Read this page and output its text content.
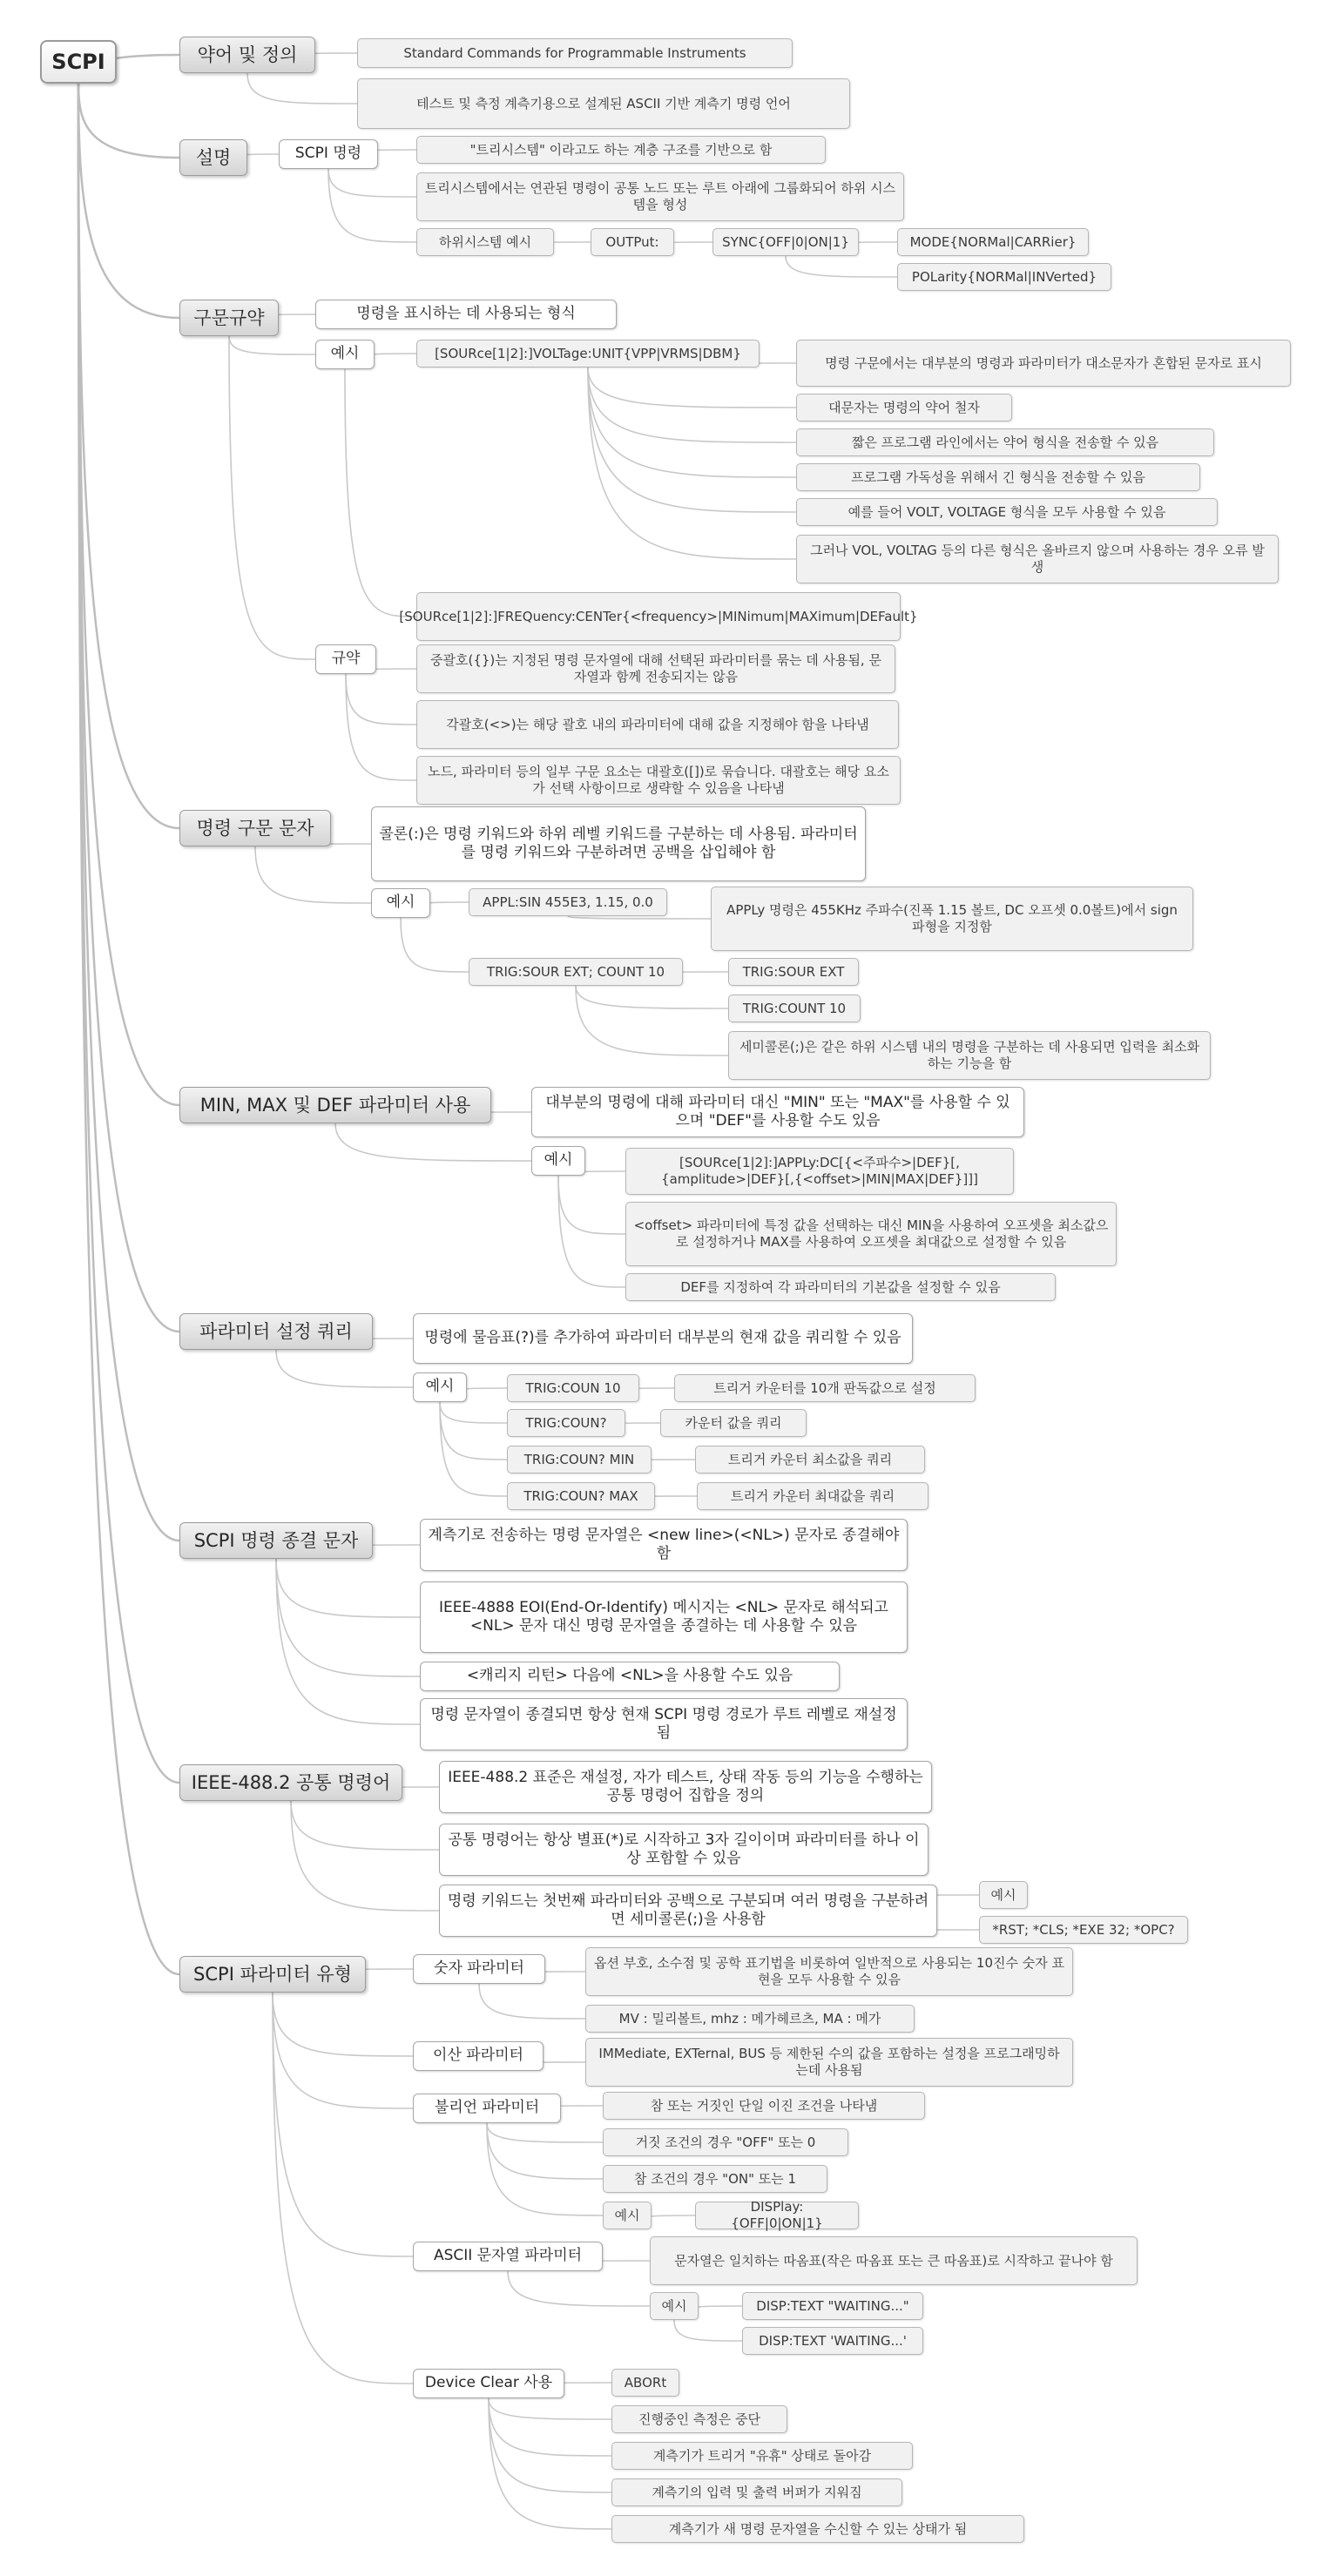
SCPI	약어 및 정의	Standard Commands for Programmable Instruments
테스트 및 측정 계측기용으로 설계된 ASCII 기반 계측기 명령 언어
설명	SCPI 명령	"트리시스템" 이라고도 하는 계층 구조를 기반으로 함
트리시스템에서는 연관된 명령이 공통 노드 또는 루트 아래에 그룹화되어 하위 시스템을 형성
하위시스템 예시	OUTPut:	SYNC{OFF|0|ON|1}	MODE{NORMal|CARRier}
POLarity{NORMal|INVerted}
구문규약	명령을 표시하는 데 사용되는 형식
예시	[SOURce[1|2]:]VOLTage:UNIT{VPP|VRMS|DBM}
명령 구문에서는 대부분의 명령과 파라미터가 대소문자가 혼합된 문자로 표시
대문자는 명령의 약어 철자
짧은 프로그램 라인에서는 약어 형식을 전송할 수 있음
프로그램 가독성을 위해서 긴 형식을 전송할 수 있음
예를 들어 VOLT, VOLTAGE 형식을 모두 사용할 수 있음
그러나 VOL, VOLTAG 등의 다른 형식은 올바르지 않으며 사용하는 경우 오류 발생
[SOURce[1|2]:]FREQuency:CENTer{<frequency>|MINimum|MAXimum|DEFault}
규약	중괄호({})는 지정된 명령 문자열에 대해 선택된 파라미터를 묶는 데 사용됨, 문자열과 함께 전송되지는 않음
각괄호(<>)는 해당 괄호 내의 파라미터에 대해 값을 지정해야 함을 나타냄
노드, 파라미터 등의 일부 구문 요소는 대괄호([])로 묶습니다. 대괄호는 해당 요소가 선택 사항이므로 생략할 수 있음을 나타냄
명령 구문 문자	콜론(:)은 명령 키워드와 하위 레벨 키워드를 구분하는 데 사용됨. 파라미터를 명령 키워드와 구분하려면 공백을 삽입해야 함
예시	APPL:SIN 455E3, 1.15, 0.0
APPLy 명령은 455KHz 주파수(진폭 1.15 볼트, DC 오프셋 0.0볼트)에서 sign 파형을 지정함
TRIG:SOUR EXT; COUNT 10	TRIG:SOUR EXT
TRIG:COUNT 10
세미콜론(;)은 같은 하위 시스템 내의 명령을 구분하는 데 사용되면 입력을 최소화 하는 기능을 함
MIN, MAX 및 DEF 파라미터 사용	대부분의 명령에 대해 파라미터 대신 "MIN" 또는 "MAX"를 사용할 수 있으며 "DEF"를 사용할 수도 있음
예시	[SOURce[1|2]:]APPLy:DC[{<주파수>|DEF}[,{amplitude>|DEF}[,{<offset>|MIN|MAX|DEF}]]]
<offset> 파라미터에 특정 값을 선택하는 대신 MIN을 사용하여 오프셋을 최소값으로 설정하거나 MAX를 사용하여 오프셋을 최대값으로 설정할 수 있음
DEF를 지정하여 각 파라미터의 기본값을 설정할 수 있음
파라미터 설정 쿼리	명령에 물음표(?)를 추가하여 파라미터 대부분의 현재 값을 쿼리할 수 있음
예시	TRIG:COUN 10	트리거 카운터를 10개 판독값으로 설정
TRIG:COUN?	카운터 값을 쿼리
TRIG:COUN? MIN	트리거 카운터 최소값을 쿼리
TRIG:COUN? MAX	트리거 카운터 최대값을 쿼리
SCPI 명령 종결 문자	계측기로 전송하는 명령 문자열은 <new line>(<NL>) 문자로 종결해야 함
IEEE-4888 EOI(End-Or-Identify) 메시지는 <NL> 문자로 해석되고 <NL> 문자 대신 명령 문자열을 종결하는 데 사용할 수 있음
<캐리지 리턴> 다음에 <NL>을 사용할 수도 있음
명령 문자열이 종결되면 항상 현재 SCPI 명령 경로가 루트 레벨로 재설정됨
IEEE-488.2 공통 명령어	IEEE-488.2 표준은 재설정, 자가 테스트, 상태 작동 등의 기능을 수행하는 공통 명령어 집합을 정의
공통 명령어는 항상 별표(*)로 시작하고 3자 길이이며 파라미터를 하나 이상 포함할 수 있음
명령 키워드는 첫번째 파라미터와 공백으로 구분되며 여러 명령을 구분하려면 세미콜론(;)을 사용함
예시
*RST; *CLS; *EXE 32; *OPC?
SCPI 파라미터 유형	숫자 파라미터	옵션 부호, 소수점 및 공학 표기법을 비롯하여 일반적으로 사용되는 10진수 숫자 표현을 모두 사용할 수 있음
MV : 밀리볼트, mhz : 메가헤르츠, MA : 메가
이산 파라미터	IMMediate, EXTernal, BUS 등 제한된 수의 값을 포함하는 설정을 프로그래밍하는데 사용됨
불리언 파라미터	참 또는 거짓인 단일 이진 조건을 나타냄
거짓 조건의 경우 "OFF" 또는 0
참 조건의 경우 "ON" 또는 1
예시
DISPlay: {OFF|0|ON|1}
ASCII 문자열 파라미터	문자열은 일치하는 따옴표(작은 따옴표 또는 큰 따옴표)로 시작하고 끝나야 함
예시	DISP:TEXT "WAITING..."
DISP:TEXT 'WAITING...'
Device Clear 사용	ABORt
진행중인 측정은 중단
계측기가 트리거 "유휴" 상태로 돌아감
계측기의 입력 및 출력 버퍼가 지워짐
계측기가 새 명령 문자열을 수신할 수 있는 상태가 됨
